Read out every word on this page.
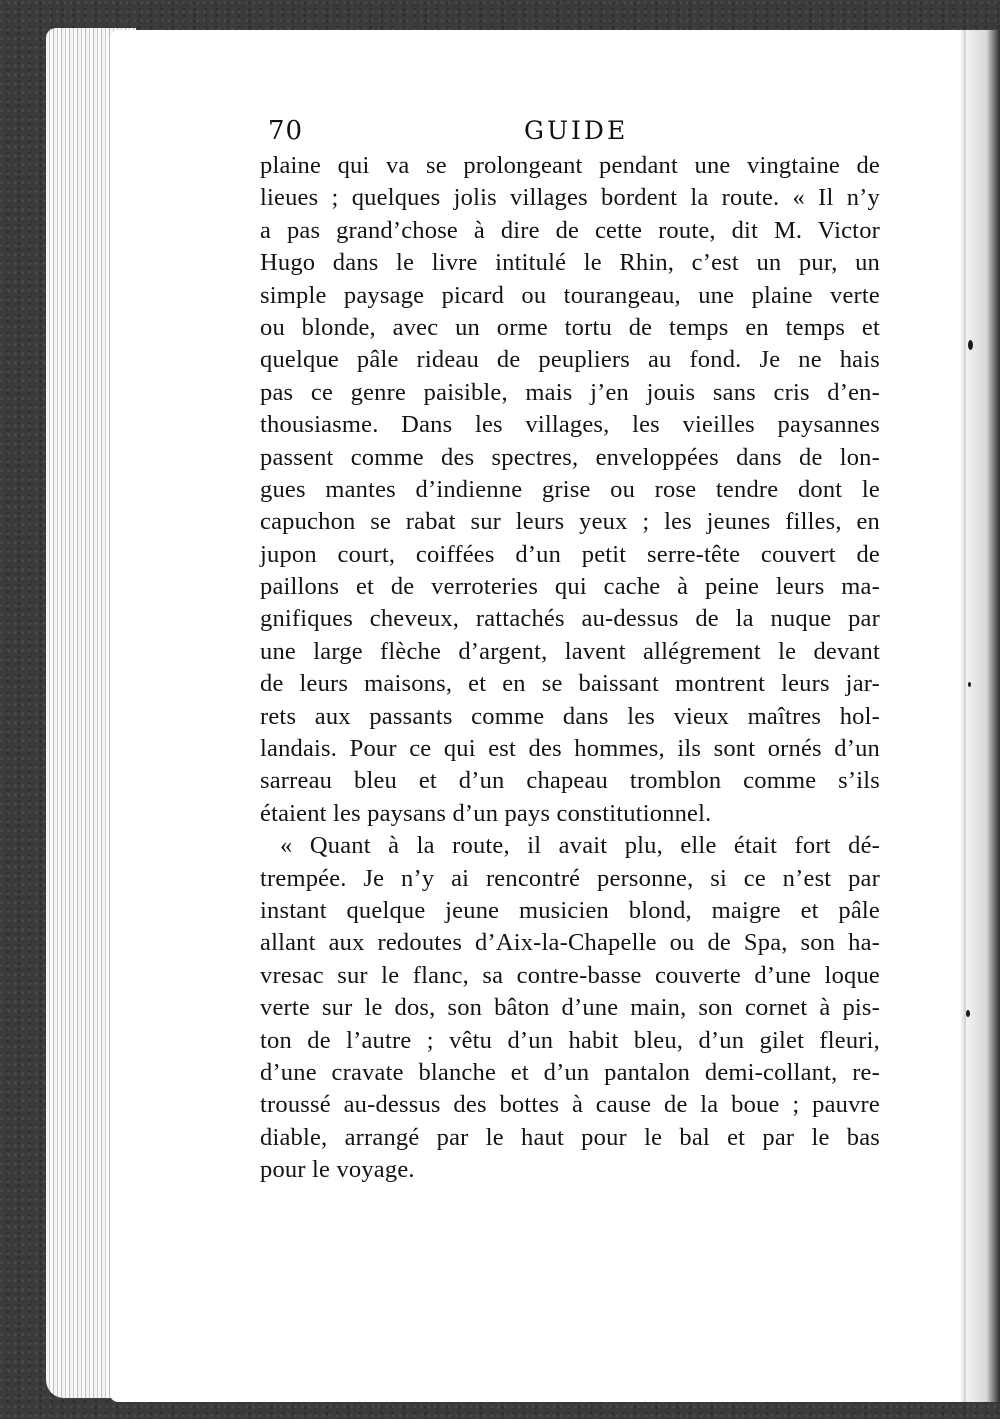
70	GUIDE
plaine qui va se prolongeant pendant une vingtaine de
lieues ; quelques jolis villages bordent la route. « Il n’y
a pas grand’chose à dire de cette route, dit M. Victor
Hugo dans le livre intitulé le Rhin, c’est un pur, un
simple paysage picard ou tourangeau, une plaine verte
ou blonde, avec un orme tortu de temps en temps et
quelque pâle rideau de peupliers au fond. Je ne hais
pas ce genre paisible, mais j’en jouis sans cris d’en-
thousiasme. Dans les villages, les vieilles paysannes
passent comme des spectres, enveloppées dans de lon-
gues mantes d’indienne grise ou rose tendre dont le
capuchon se rabat sur leurs yeux ; les jeunes filles, en
jupon court, coiffées d’un petit serre-tête couvert de
paillons et de verroteries qui cache à peine leurs ma-
gnifiques cheveux, rattachés au-dessus de la nuque par
une large flèche d’argent, lavent allégrement le devant
de leurs maisons, et en se baissant montrent leurs jar-
rets aux passants comme dans les vieux maîtres hol-
landais. Pour ce qui est des hommes, ils sont ornés d’un
sarreau bleu et d’un chapeau tromblon comme s’ils
étaient les paysans d’un pays constitutionnel.
« Quant à la route, il avait plu, elle était fort dé-
trempée. Je n’y ai rencontré personne, si ce n’est par
instant quelque jeune musicien blond, maigre et pâle
allant aux redoutes d’Aix-la-Chapelle ou de Spa, son ha-
vresac sur le flanc, sa contre-basse couverte d’une loque
verte sur le dos, son bâton d’une main, son cornet à pis-
ton de l’autre ; vêtu d’un habit bleu, d’un gilet fleuri,
d’une cravate blanche et d’un pantalon demi-collant, re-
troussé au-dessus des bottes à cause de la boue ; pauvre
diable, arrangé par le haut pour le bal et par le bas
pour le voyage.
